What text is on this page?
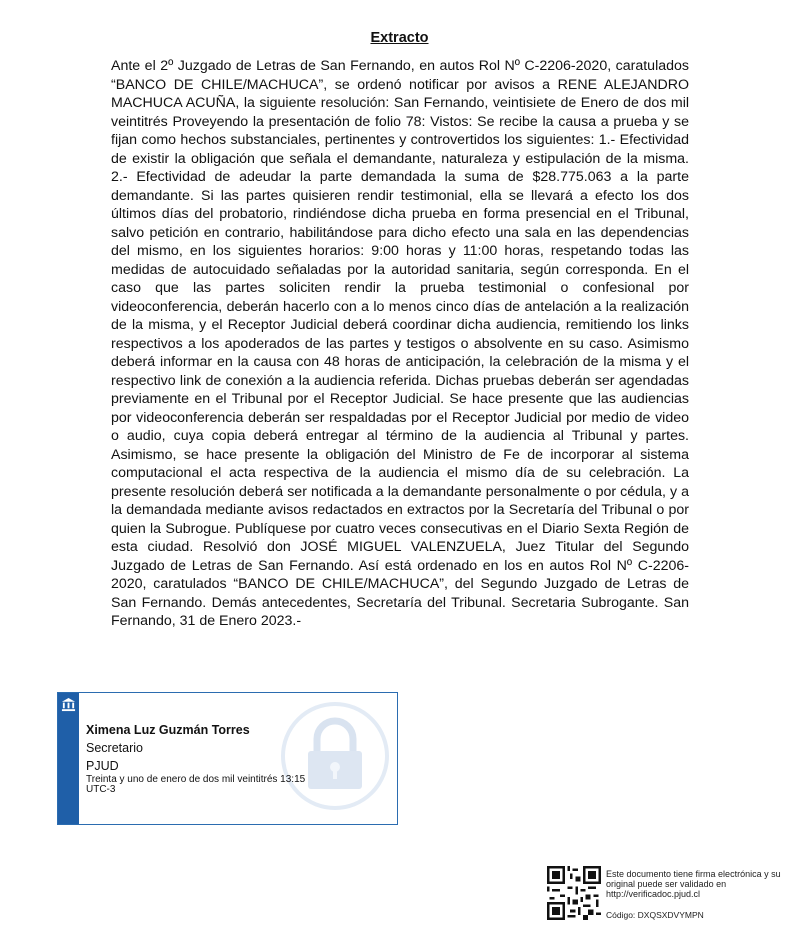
Extracto

Ante el 2º Juzgado de Letras de San Fernando, en autos Rol Nº C-2206-2020, caratulados “BANCO DE CHILE/MACHUCA”, se ordenó notificar por avisos a RENE ALEJANDRO MACHUCA ACUÑA, la siguiente resolución: San Fernando, veintisiete de Enero de dos mil veintitrés Proveyendo la presentación de folio 78: Vistos: Se recibe la causa a prueba y se fijan como hechos substanciales, pertinentes y controvertidos los siguientes: 1.- Efectividad de existir la obligación que señala el demandante, naturaleza y estipulación de la misma. 2.- Efectividad de adeudar la parte demandada la suma de $28.775.063 a la parte demandante. Si las partes quisieren rendir testimonial, ella se llevará a efecto los dos últimos días del probatorio, rindiéndose dicha prueba en forma presencial en el Tribunal, salvo petición en contrario, habilitándose para dicho efecto una sala en las dependencias del mismo, en los siguientes horarios: 9:00 horas y 11:00 horas, respetando todas las medidas de autocuidado señaladas por la autoridad sanitaria, según corresponda. En el caso que las partes soliciten rendir la prueba testimonial o confesional por videoconferencia, deberán hacerlo con a lo menos cinco días de antelación a la realización de la misma, y el Receptor Judicial deberá coordinar dicha audiencia, remitiendo los links respectivos a los apoderados de las partes y testigos o absolvente en su caso. Asimismo deberá informar en la causa con 48 horas de anticipación, la celebración de la misma y el respectivo link de conexión a la audiencia referida. Dichas pruebas deberán ser agendadas previamente en el Tribunal por el Receptor Judicial. Se hace presente que las audiencias por videoconferencia deberán ser respaldadas por el Receptor Judicial por medio de video o audio, cuya copia deberá entregar al término de la audiencia al Tribunal y partes. Asimismo, se hace presente la obligación del Ministro de Fe de incorporar al sistema computacional el acta respectiva de la audiencia el mismo día de su celebración. La presente resolución deberá ser notificada a la demandante personalmente o por cédula, y a la demandada mediante avisos redactados en extractos por la Secretaría del Tribunal o por quien la Subrogue. Publíquese por cuatro veces consecutivas en el Diario Sexta Región de esta ciudad. Resolvió don JOSÉ MIGUEL VALENZUELA, Juez Titular del Segundo Juzgado de Letras de San Fernando. Así está ordenado en los en autos Rol Nº C-2206-2020, caratulados “BANCO DE CHILE/MACHUCA”, del Segundo Juzgado de Letras de San Fernando. Demás antecedentes, Secretaría del Tribunal. Secretaria Subrogante. San Fernando, 31 de Enero 2023.-

Ximena Luz Guzmán Torres
Secretario
PJUD
Treinta y uno de enero de dos mil veintitrés 13:15 UTC-3
Este documento tiene firma electrónica y su original puede ser validado en http://verificadoc.pjud.cl
Código: DXQSXDVYMPN
